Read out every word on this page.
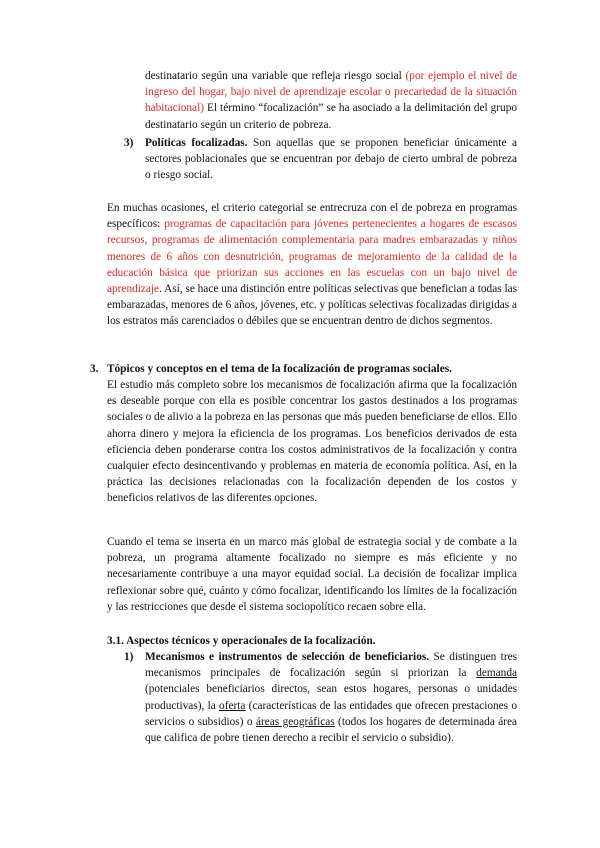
destinatario según una variable que refleja riesgo social (por ejemplo el nivel de ingreso del hogar, bajo nivel de aprendizaje escolar o precariedad de la situación habitacional) El término “focalización” se ha asociado a la delimitación del grupo destinatario según un criterio de pobreza.
3) Políticas focalizadas. Son aquellas que se proponen beneficiar únicamente a sectores poblacionales que se encuentran por debajo de cierto umbral de pobreza o riesgo social.
En muchas ocasiones, el criterio categorial se entrecruza con el de pobreza en programas específicos: programas de capacitación para jóvenes pertenecientes a hogares de escasos recursos, programas de alimentación complementaria para madres embarazadas y niños menores de 6 años con desnutrición, programas de mejoramiento de la calidad de la educación básica que priorizan sus acciones en las escuelas con un bajo nivel de aprendizaje. Así, se hace una distinción entre políticas selectivas que benefician a todas las embarazadas, menores de 6 años, jóvenes, etc. y políticas selectivas focalizadas dirigidas a los estratos más carenciados o débiles que se encuentran dentro de dichos segmentos.
3. Tópicos y conceptos en el tema de la focalización de programas sociales.
El estudio más completo sobre los mecanismos de focalización afirma que la focalización es deseable porque con ella es posible concentrar los gastos destinados a los programas sociales o de alivio a la pobreza en las personas que más pueden beneficiarse de ellos. Ello ahorra dinero y mejora la eficiencia de los programas. Los beneficios derivados de esta eficiencia deben ponderarse contra los costos administrativos de la focalización y contra cualquier efecto desincentivando y problemas en materia de economía política. Así, en la práctica las decisiones relacionadas con la focalización dependen de los costos y beneficios relativos de las diferentes opciones.
Cuando el tema se inserta en un marco más global de estrategia social y de combate a la pobreza, un programa altamente focalizado no siempre es más eficiente y no necesariamente contribuye a una mayor equidad social. La decisión de focalizar implica reflexionar sobre qué, cuánto y cómo focalizar, identificando los límites de la focalización y las restricciones que desde el sistema sociopolítico recaen sobre ella.
3.1. Aspectos técnicos y operacionales de la focalización.
1) Mecanismos e instrumentos de selección de beneficiarios. Se distinguen tres mecanismos principales de focalización según si priorizan la demanda (potenciales beneficiarios directos, sean estos hogares, personas o unidades productivas), la oferta (características de las entidades que ofrecen prestaciones o servicios o subsidios) o áreas geográficas (todos los hogares de determinada área que califica de pobre tienen derecho a recibir el servicio o subsidio).
